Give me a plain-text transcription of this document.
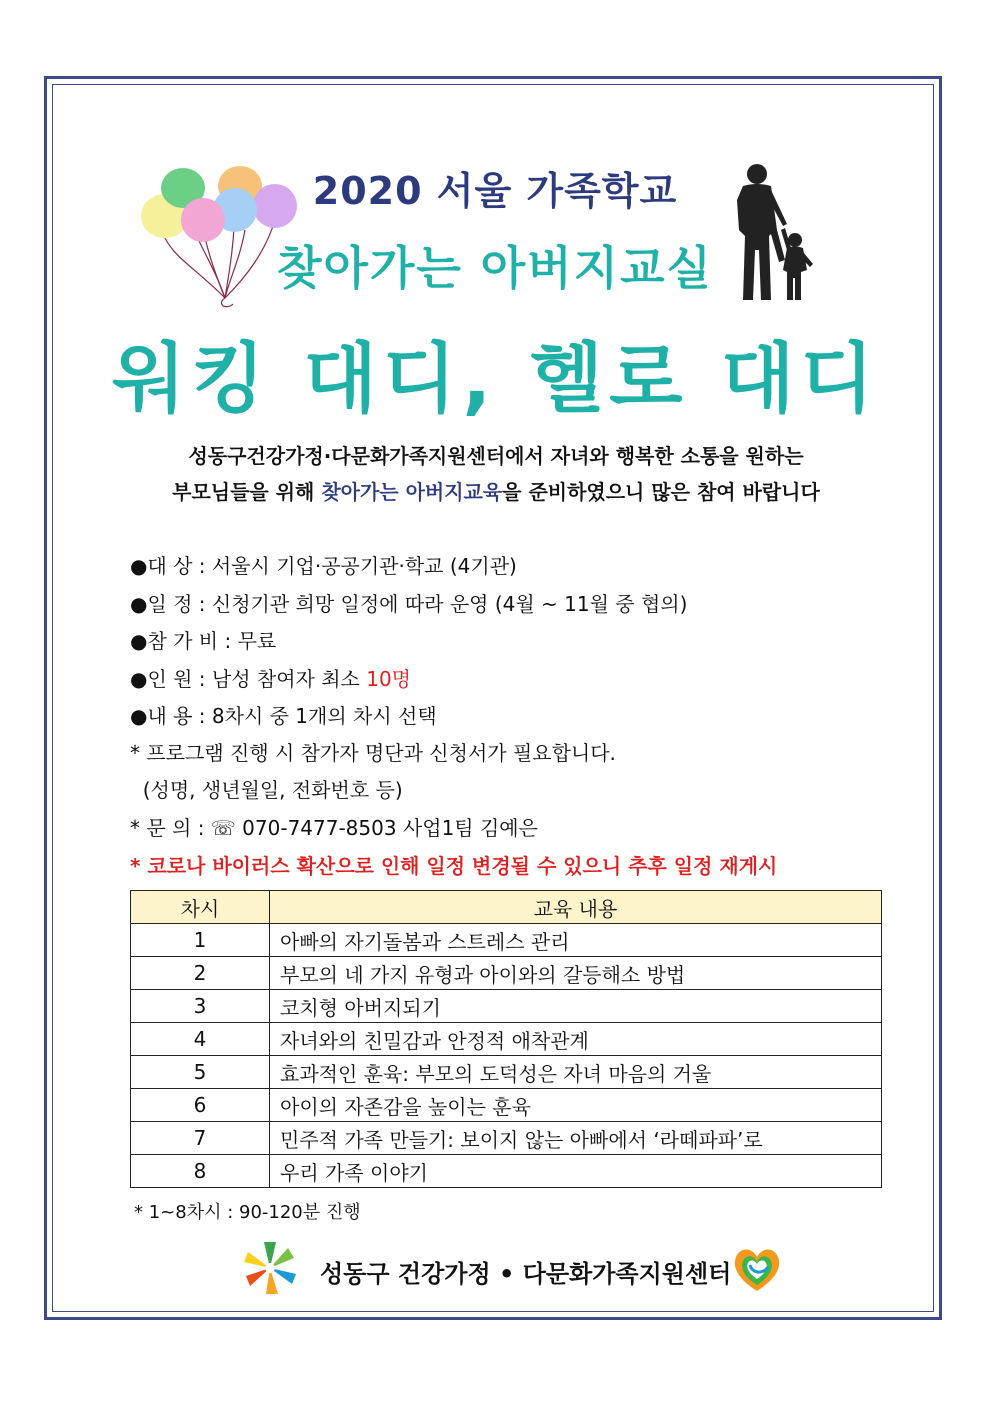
2020 서울 가족학교
찾아가는 아버지교실
워킹 대디, 헬로 대디
성동구건강가정·다문화가족지원센터에서 자녀와 행복한 소통을 원하는
부모님들을 위해 찾아가는 아버지교육을 준비하였으니 많은 참여 바랍니다
●대 상 : 서울시 기업·공공기관·학교 (4기관)
●일 정 : 신청기관 희망 일정에 따라 운영 (4월 ~ 11월 중 협의)
●참 가 비 : 무료
●인 원 : 남성 참여자 최소 10명
●내 용 : 8차시 중 1개의 차시 선택
* 프로그램 진행 시 참가자 명단과 신청서가 필요합니다.
(성명, 생년월일, 전화번호 등)
* 문 의 : ☏ 070-7477-8503 사업1팀 김예은
* 코로나 바이러스 확산으로 인해 일정 변경될 수 있으니 추후 일정 재게시
차시	교육 내용
1	아빠의 자기돌봄과 스트레스 관리
2	부모의 네 가지 유형과 아이와의 갈등해소 방법
3	코치형 아버지되기
4	자녀와의 친밀감과 안정적 애착관계
5	효과적인 훈육: 부모의 도덕성은 자녀 마음의 거울
6	아이의 자존감을 높이는 훈육
7	민주적 가족 만들기: 보이지 않는 아빠에서 ‘라떼파파’로
8	우리 가족 이야기
* 1~8차시 : 90-120분 진행
성동구 건강가정 • 다문화가족지원센터
